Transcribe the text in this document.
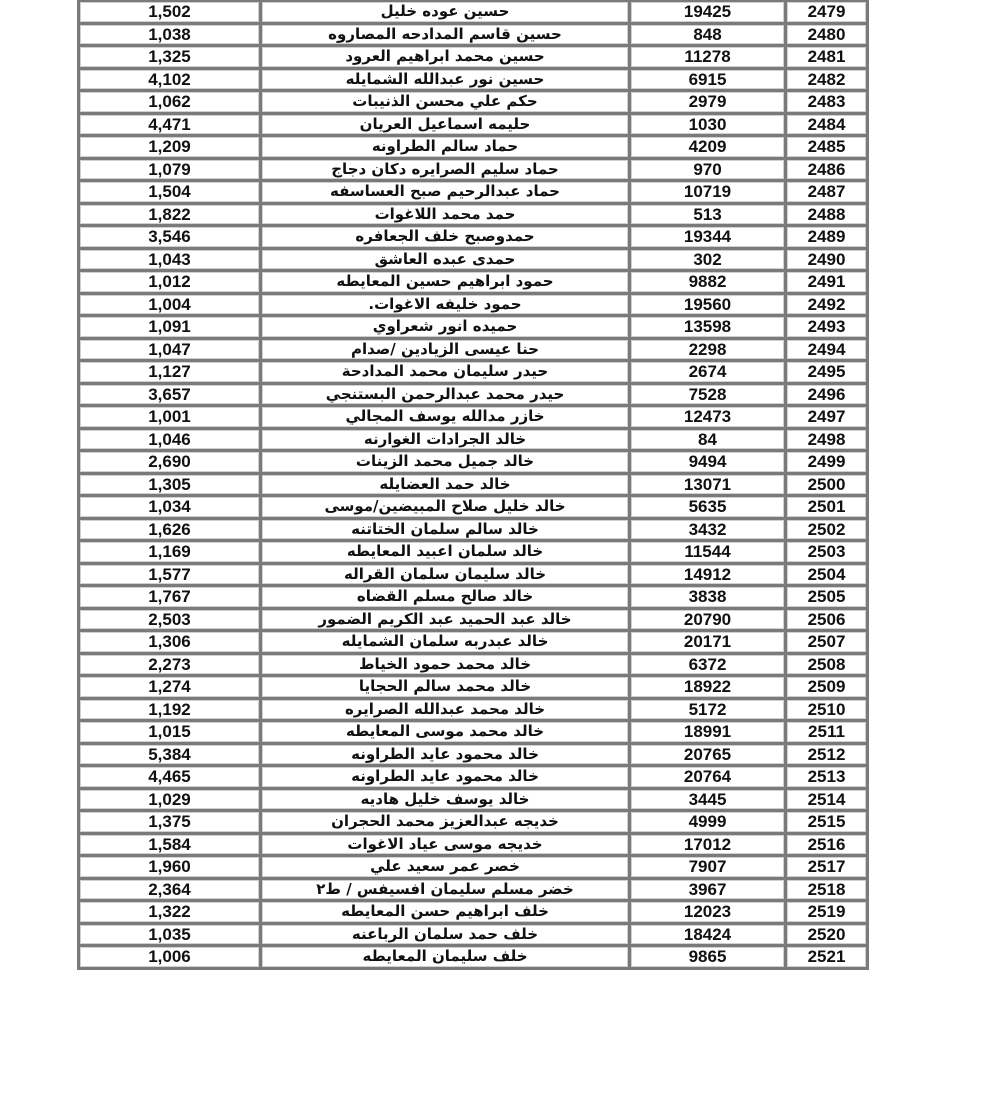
1,502	حسين عوده خليل	19425	2479
1,038	حسين قاسم المدادحه المصاروه	848	2480
1,325	حسين محمد ابراهيم العرود	11278	2481
4,102	حسين نور عبدالله الشمايله	6915	2482
1,062	حكم علي محسن الذنيبات	2979	2483
4,471	حليمه اسماعيل العريان	1030	2484
1,209	حماد سالم الطراونه	4209	2485
1,079	حماد سليم الصرايره دكان دجاج	970	2486
1,504	حماد عبدالرحيم صبح العساسفه	10719	2487
1,822	حمد محمد اللاغوات	513	2488
3,546	حمدوصبح خلف الجعافره	19344	2489
1,043	حمدى عبده العاشق	302	2490
1,012	حمود ابراهيم حسين المعايطه	9882	2491
1,004	حمود خليفه الاغوات.	19560	2492
1,091	حميده انور شعراوي	13598	2493
1,047	حنا عيسى الزيادين /صدام	2298	2494
1,127	حيدر سليمان محمد المدادحة	2674	2495
3,657	حيدر محمد عبدالرحمن البستنجي	7528	2496
1,001	خازر مدالله يوسف المجالي	12473	2497
1,046	خالد الجرادات الغوارنه	84	2498
2,690	خالد جميل محمد الزينات	9494	2499
1,305	خالد حمد العضايله	13071	2500
1,034	خالد خليل صلاح المبيضين/موسى	5635	2501
1,626	خالد سالم سلمان الختاتنه	3432	2502
1,169	خالد سلمان اعبيد المعايطه	11544	2503
1,577	خالد سليمان سلمان القراله	14912	2504
1,767	خالد صالح مسلم القضاه	3838	2505
2,503	خالد عبد الحميد عبد الكريم الضمور	20790	2506
1,306	خالد عبدربه سلمان الشمايله	20171	2507
2,273	خالد محمد حمود الخياط	6372	2508
1,274	خالد محمد سالم الحجايا	18922	2509
1,192	خالد محمد عبدالله الصرايره	5172	2510
1,015	خالد محمد موسى المعايطه	18991	2511
5,384	خالد محمود عايد الطراونه	20765	2512
4,465	خالد محمود عايد الطراونه	20764	2513
1,029	خالد يوسف خليل هاديه	3445	2514
1,375	خديجه عبدالعزيز محمد الحجران	4999	2515
1,584	خديجه موسى عياد الاغوات	17012	2516
1,960	خصر عمر سعيد علي	7907	2517
2,364	خضر مسلم سليمان افسيفس / ط٢	3967	2518
1,322	خلف ابراهيم حسن المعايطه	12023	2519
1,035	خلف حمد سلمان الرباعنه	18424	2520
1,006	خلف سليمان المعايطه	9865	2521
